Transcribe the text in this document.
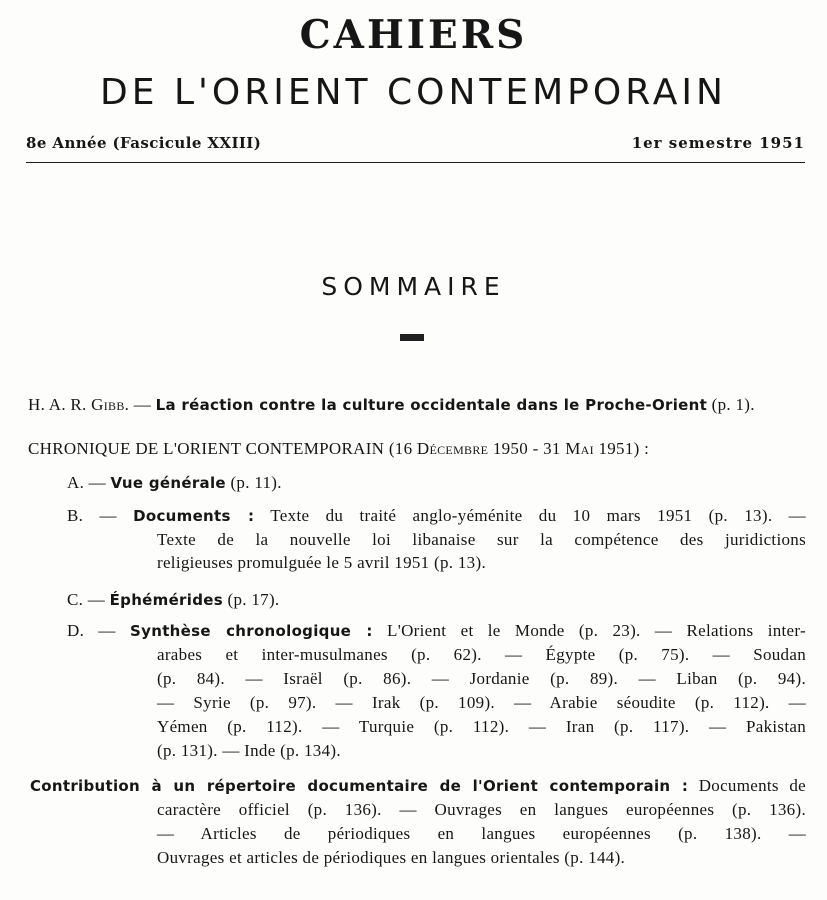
CAHIERS
DE L'ORIENT CONTEMPORAIN
8e Année (Fascicule XXIII)	1er semestre 1951
SOMMAIRE
H. A. R. Gibb. — La réaction contre la culture occidentale dans le Proche-Orient (p. 1).
CHRONIQUE DE L'ORIENT CONTEMPORAIN (16 Décembre 1950 - 31 Mai 1951) :
A. — Vue générale (p. 11).
B. — Documents : Texte du traité anglo-yéménite du 10 mars 1951 (p. 13). —
Texte de la nouvelle loi libanaise sur la compétence des juridictions
religieuses promulguée le 5 avril 1951 (p. 13).
C. — Éphémérides (p. 17).
D. — Synthèse chronologique : L'Orient et le Monde (p. 23). — Relations inter-
arabes et inter-musulmanes (p. 62). — Égypte (p. 75). — Soudan
(p. 84). — Israël (p. 86). — Jordanie (p. 89). — Liban (p. 94).
— Syrie (p. 97). — Irak (p. 109). — Arabie séoudite (p. 112). —
Yémen (p. 112). — Turquie (p. 112). — Iran (p. 117). — Pakistan
(p. 131). — Inde (p. 134).
Contribution à un répertoire documentaire de l'Orient contemporain : Documents de
caractère officiel (p. 136). — Ouvrages en langues européennes (p. 136).
— Articles de périodiques en langues européennes (p. 138). —
Ouvrages et articles de périodiques en langues orientales (p. 144).
